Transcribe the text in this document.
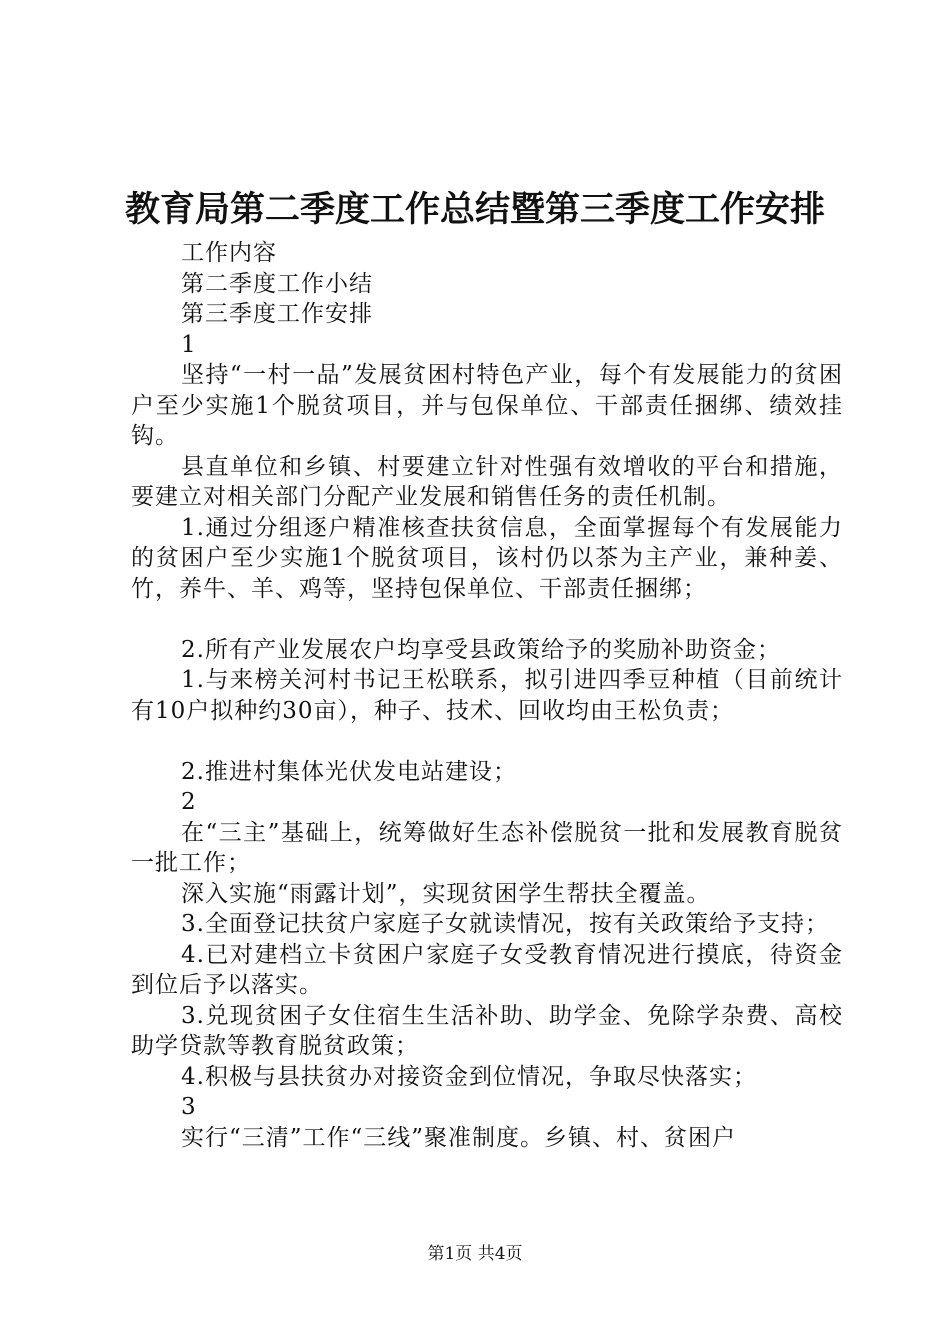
教育局第二季度工作总结暨第三季度工作安排

工作内容

第二季度工作小结

第三季度工作安排

1

坚持“一村一品”发展贫困村特色产业，每个有发展能力的贫困户至少实施1个脱贫项目，并与包保单位、干部责任捆绑、绩效挂钩。

县直单位和乡镇、村要建立针对性强有效增收的平台和措施，要建立对相关部门分配产业发展和销售任务的责任机制。

1.通过分组逐户精准核查扶贫信息，全面掌握每个有发展能力的贫困户至少实施1个脱贫项目，该村仍以茶为主产业，兼种姜、竹，养牛、羊、鸡等，坚持包保单位、干部责任捆绑；

2.所有产业发展农户均享受县政策给予的奖励补助资金；

1.与来榜关河村书记王松联系，拟引进四季豆种植（目前统计有10户拟种约30亩），种子、技术、回收均由王松负责；

2.推进村集体光伏发电站建设；

2

在“三主”基础上，统筹做好生态补偿脱贫一批和发展教育脱贫一批工作；

深入实施“雨露计划”，实现贫困学生帮扶全覆盖。

3.全面登记扶贫户家庭子女就读情况，按有关政策给予支持；

4.已对建档立卡贫困户家庭子女受教育情况进行摸底，待资金到位后予以落实。

3.兑现贫困子女住宿生生活补助、助学金、免除学杂费、高校助学贷款等教育脱贫政策；

4.积极与县扶贫办对接资金到位情况，争取尽快落实；

3

实行“三清”工作“三线”聚准制度。乡镇、村、贫困户

第1页 共4页
